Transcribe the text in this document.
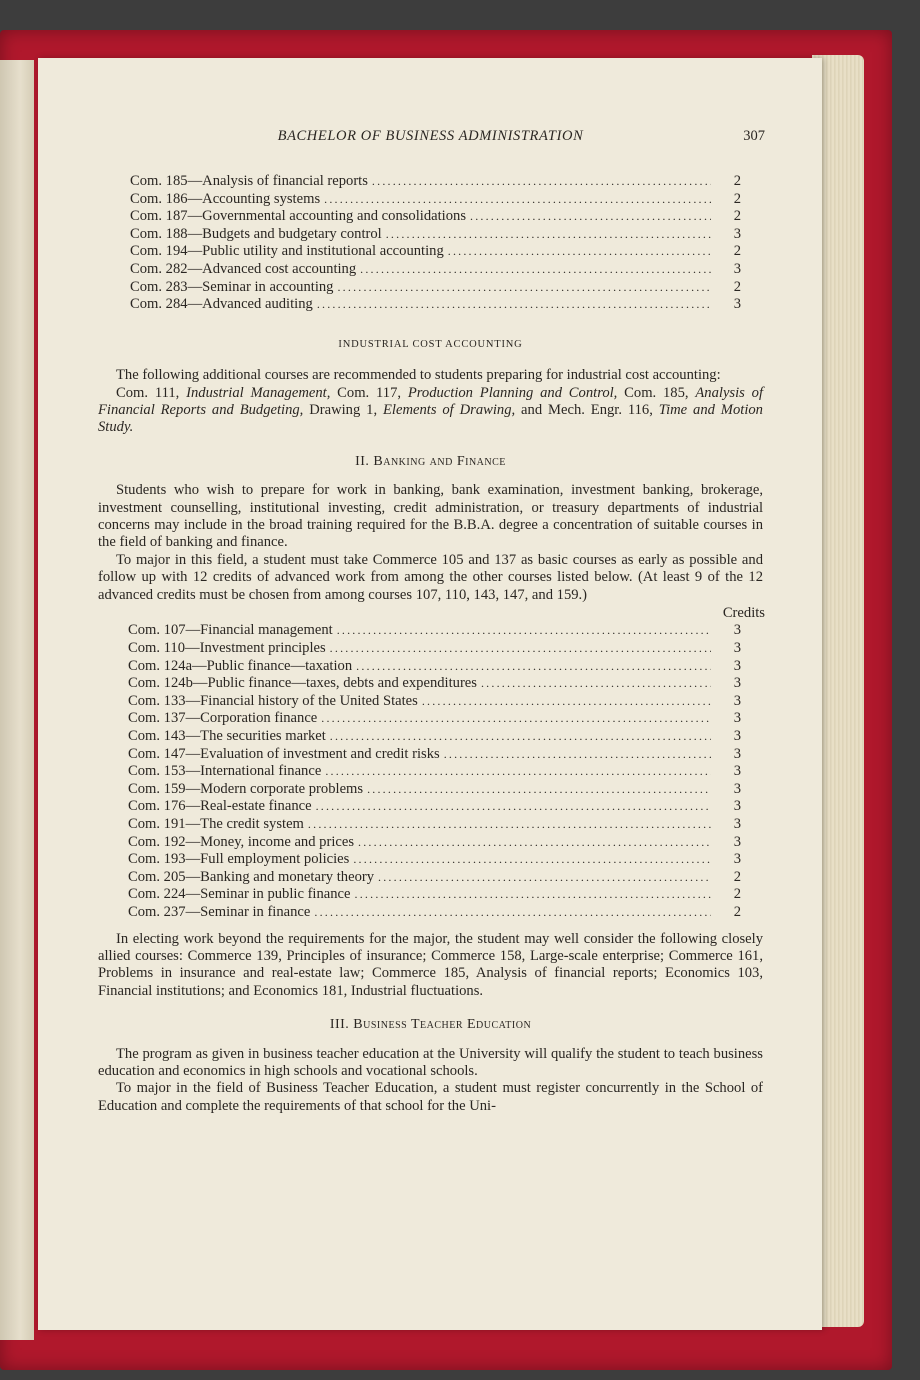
BACHELOR OF BUSINESS ADMINISTRATION	307
Com. 185—Analysis of financial reports .....	2
Com. 186—Accounting systems .....	2
Com. 187—Governmental accounting and consolidations .....	2
Com. 188—Budgets and budgetary control .....	3
Com. 194—Public utility and institutional accounting .....	2
Com. 282—Advanced cost accounting .....	3
Com. 283—Seminar in accounting .....	2
Com. 284—Advanced auditing .....	3
INDUSTRIAL COST ACCOUNTING

The following additional courses are recommended to students preparing for industrial cost accounting:

Com. 111, Industrial Management, Com. 117, Production Planning and Control, Com. 185, Analysis of Financial Reports and Budgeting, Drawing 1, Elements of Drawing, and Mech. Engr. 116, Time and Motion Study.

II. Banking and Finance

Students who wish to prepare for work in banking, bank examination, investment banking, brokerage, investment counselling, institutional investing, credit administration, or treasury departments of industrial concerns may include in the broad training required for the B.B.A. degree a concentration of suitable courses in the field of banking and finance.

To major in this field, a student must take Commerce 105 and 137 as basic courses as early as possible and follow up with 12 credits of advanced work from among the other courses listed below. (At least 9 of the 12 advanced credits must be chosen from among courses 107, 110, 143, 147, and 159.)

Credits
Com. 107—Financial management .....	3
Com. 110—Investment principles .....	3
Com. 124a—Public finance—taxation .....	3
Com. 124b—Public finance—taxes, debts and expenditures .....	3
Com. 133—Financial history of the United States .....	3
Com. 137—Corporation finance .....	3
Com. 143—The securities market .....	3
Com. 147—Evaluation of investment and credit risks .....	3
Com. 153—International finance .....	3
Com. 159—Modern corporate problems .....	3
Com. 176—Real-estate finance .....	3
Com. 191—The credit system .....	3
Com. 192—Money, income and prices .....	3
Com. 193—Full employment policies .....	3
Com. 205—Banking and monetary theory .....	2
Com. 224—Seminar in public finance .....	2
Com. 237—Seminar in finance .....	2

In electing work beyond the requirements for the major, the student may well consider the following closely allied courses: Commerce 139, Principles of insurance; Commerce 158, Large-scale enterprise; Commerce 161, Problems in insurance and real-estate law; Commerce 185, Analysis of financial reports; Economics 103, Financial institutions; and Economics 181, Industrial fluctuations.

III. Business Teacher Education

The program as given in business teacher education at the University will qualify the student to teach business education and economics in high schools and vocational schools.

To major in the field of Business Teacher Education, a student must register concurrently in the School of Education and complete the requirements of that school for the Uni-
